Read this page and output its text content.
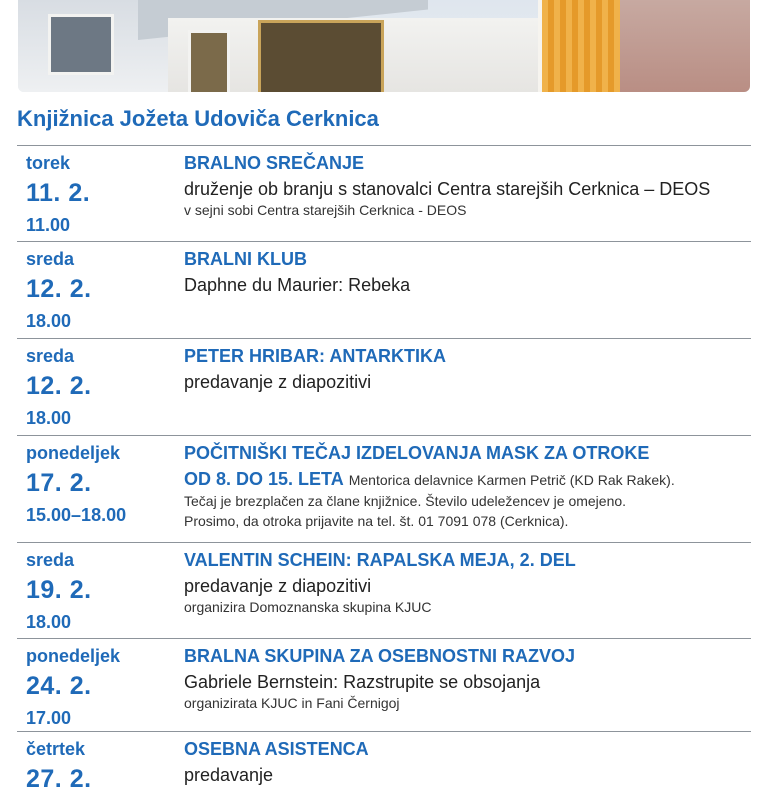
Knjižnica Jožeta Udoviča Cerknica
torek
11. 2.
11.00
BRALNO SREČANJE
druženje ob branju s stanovalci Centra starejših Cerknica – DEOS
v sejni sobi Centra starejših Cerknica - DEOS
sreda
12. 2.
18.00
BRALNI KLUB
Daphne du Maurier: Rebeka
sreda
12. 2.
18.00
PETER HRIBAR: ANTARKTIKA
predavanje z diapozitivi
ponedeljek
17. 2.
15.00–18.00
POČITNIŠKI TEČAJ IZDELOVANJA MASK ZA OTROKE
OD 8. DO 15. LETA Mentorica delavnice Karmen Petrič (KD Rak Rakek).
Tečaj je brezplačen za člane knjižnice. Število udeležencev je omejeno.
Prosimo, da otroka prijavite na tel. št. 01 7091 078 (Cerknica).
sreda
19. 2.
18.00
VALENTIN SCHEIN: RAPALSKA MEJA, 2. DEL
predavanje z diapozitivi
organizira Domoznanska skupina KJUC
ponedeljek
24. 2.
17.00
BRALNA SKUPINA ZA OSEBNOSTNI RAZVOJ
Gabriele Bernstein: Razstrupite se obsojanja
organizirata KJUC in Fani Černigoj
četrtek
27. 2.
OSEBNA ASISTENCA
predavanje
